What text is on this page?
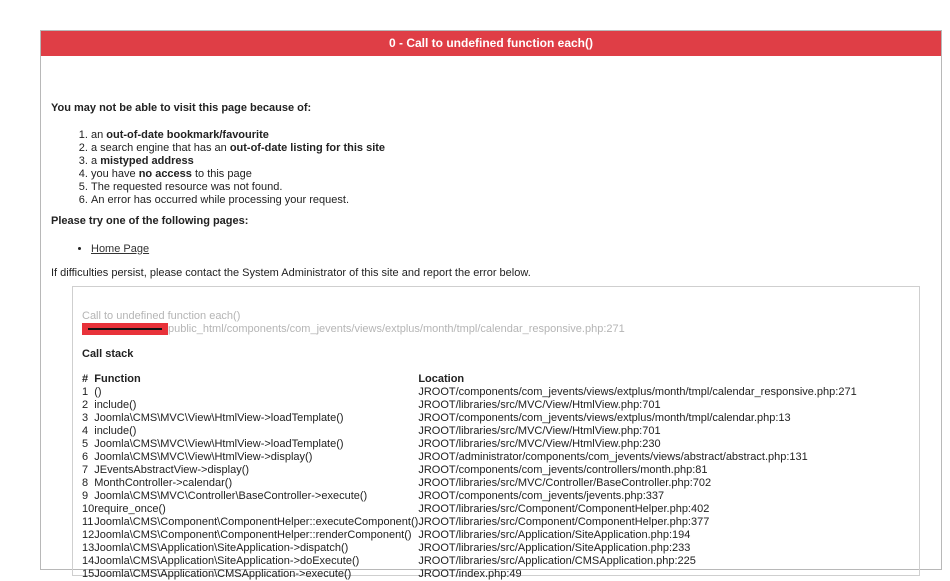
0 - Call to undefined function each()

You may not be able to visit this page because of:

1. an out-of-date bookmark/favourite
2. a search engine that has an out-of-date listing for this site
3. a mistyped address
4. you have no access to this page
5. The requested resource was not found.
6. An error has occurred while processing your request.

Please try one of the following pages:

• Home Page

If difficulties persist, please contact the System Administrator of this site and report the error below.

Call to undefined function each()
public_html/components/com_jevents/views/extplus/month/tmpl/calendar_responsive.php:271
Call stack
#	Function	Location
1	()	JROOT/components/com_jevents/views/extplus/month/tmpl/calendar_responsive.php:271
2	include()	JROOT/libraries/src/MVC/View/HtmlView.php:701
3	Joomla\CMS\MVC\View\HtmlView->loadTemplate()	JROOT/components/com_jevents/views/extplus/month/tmpl/calendar.php:13
4	include()	JROOT/libraries/src/MVC/View/HtmlView.php:701
5	Joomla\CMS\MVC\View\HtmlView->loadTemplate()	JROOT/libraries/src/MVC/View/HtmlView.php:230
6	Joomla\CMS\MVC\View\HtmlView->display()	JROOT/administrator/components/com_jevents/views/abstract/abstract.php:131
7	JEventsAbstractView->display()	JROOT/components/com_jevents/controllers/month.php:81
8	MonthController->calendar()	JROOT/libraries/src/MVC/Controller/BaseController.php:702
9	Joomla\CMS\MVC\Controller\BaseController->execute()	JROOT/components/com_jevents/jevents.php:337
10	require_once()	JROOT/libraries/src/Component/ComponentHelper.php:402
11	Joomla\CMS\Component\ComponentHelper::executeComponent()	JROOT/libraries/src/Component/ComponentHelper.php:377
12	Joomla\CMS\Component\ComponentHelper::renderComponent()	JROOT/libraries/src/Application/SiteApplication.php:194
13	Joomla\CMS\Application\SiteApplication->dispatch()	JROOT/libraries/src/Application/SiteApplication.php:233
14	Joomla\CMS\Application\SiteApplication->doExecute()	JROOT/libraries/src/Application/CMSApplication.php:225
15	Joomla\CMS\Application\CMSApplication->execute()	JROOT/index.php:49
